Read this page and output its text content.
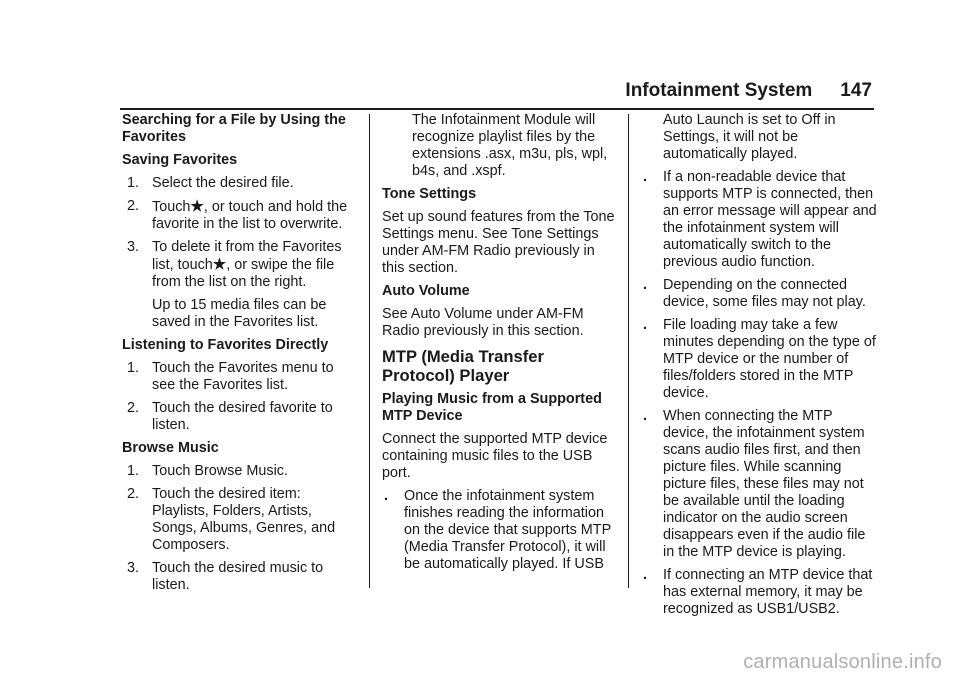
Infotainment System 147
Searching for a File by Using the Favorites
Saving Favorites
1. Select the desired file.
2. Touch★, or touch and hold the favorite in the list to overwrite.
3. To delete it from the Favorites list, touch★, or swipe the file from the list on the right.
Up to 15 media files can be saved in the Favorites list.
Listening to Favorites Directly
1. Touch the Favorites menu to see the Favorites list.
2. Touch the desired favorite to listen.
Browse Music
1. Touch Browse Music.
2. Touch the desired item: Playlists, Folders, Artists, Songs, Albums, Genres, and Composers.
3. Touch the desired music to listen.
The Infotainment Module will recognize playlist files by the extensions .asx, m3u, pls, wpl, b4s, and .xspf.
Tone Settings

Set up sound features from the Tone Settings menu. See Tone Settings under AM-FM Radio previously in this section.

Auto Volume

See Auto Volume under AM-FM Radio previously in this section.

MTP (Media Transfer Protocol) Player
Playing Music from a Supported MTP Device

Connect the supported MTP device containing music files to the USB port.

. Once the infotainment system finishes reading the information on the device that supports MTP (Media Transfer Protocol), it will be automatically played. If USB
Auto Launch is set to Off in Settings, it will not be automatically played.
. If a non-readable device that supports MTP is connected, then an error message will appear and the infotainment system will automatically switch to the previous audio function.
. Depending on the connected device, some files may not play.
. File loading may take a few minutes depending on the type of MTP device or the number of files/folders stored in the MTP device.
. When connecting the MTP device, the infotainment system scans audio files first, and then picture files. While scanning picture files, these files may not be available until the loading indicator on the audio screen disappears even if the audio file in the MTP device is playing.
. If connecting an MTP device that has external memory, it may be recognized as USB1/USB2.
carmanualsonline.info
